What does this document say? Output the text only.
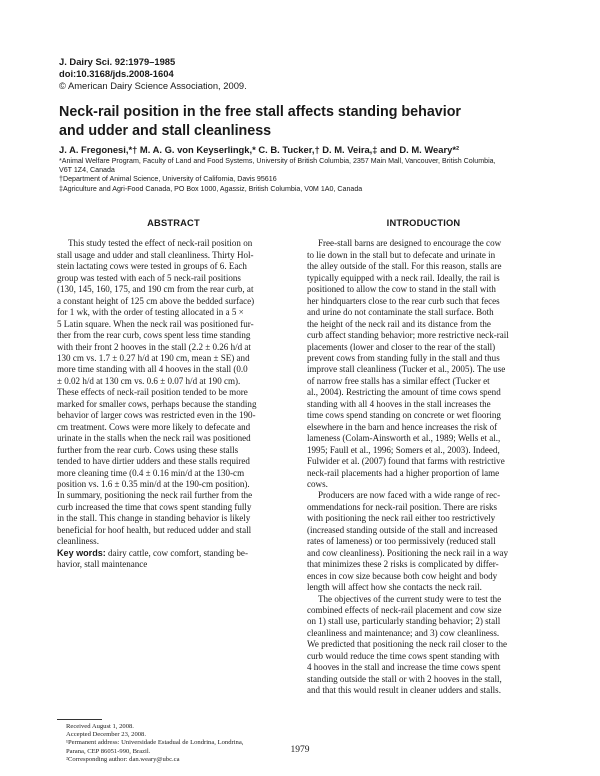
J. Dairy Sci. 92:1979–1985
doi:10.3168/jds.2008-1604
© American Dairy Science Association, 2009.
Neck-rail position in the free stall affects standing behavior
and udder and stall cleanliness
J. A. Fregonesi,*† M. A. G. von Keyserlingk,* C. B. Tucker,† D. M. Veira,‡ and D. M. Weary*²
*Animal Welfare Program, Faculty of Land and Food Systems, University of British Columbia, 2357 Main Mall, Vancouver, British Columbia,
V6T 1Z4, Canada
†Department of Animal Science, University of California, Davis 95616
‡Agriculture and Agri-Food Canada, PO Box 1000, Agassiz, British Columbia, V0M 1A0, Canada
ABSTRACT
This study tested the effect of neck-rail position on
stall usage and udder and stall cleanliness. Thirty Hol-
stein lactating cows were tested in groups of 6. Each
group was tested with each of 5 neck-rail positions
(130, 145, 160, 175, and 190 cm from the rear curb, at
a constant height of 125 cm above the bedded surface)
for 1 wk, with the order of testing allocated in a 5 ×
5 Latin square. When the neck rail was positioned fur-
ther from the rear curb, cows spent less time standing
with their front 2 hooves in the stall (2.2 ± 0.26 h/d at
130 cm vs. 1.7 ± 0.27 h/d at 190 cm, mean ± SE) and
more time standing with all 4 hooves in the stall (0.0
± 0.02 h/d at 130 cm vs. 0.6 ± 0.07 h/d at 190 cm).
These effects of neck-rail position tended to be more
marked for smaller cows, perhaps because the standing
behavior of larger cows was restricted even in the 190-
cm treatment. Cows were more likely to defecate and
urinate in the stalls when the neck rail was positioned
further from the rear curb. Cows using these stalls
tended to have dirtier udders and these stalls required
more cleaning time (0.4 ± 0.16 min/d at the 130-cm
position vs. 1.6 ± 0.35 min/d at the 190-cm position).
In summary, positioning the neck rail further from the
curb increased the time that cows spent standing fully
in the stall. This change in standing behavior is likely
beneficial for hoof health, but reduced udder and stall
cleanliness.
Key words: dairy cattle, cow comfort, standing be-
havior, stall maintenance
INTRODUCTION
Free-stall barns are designed to encourage the cow
to lie down in the stall but to defecate and urinate in
the alley outside of the stall. For this reason, stalls are
typically equipped with a neck rail. Ideally, the rail is
positioned to allow the cow to stand in the stall with
her hindquarters close to the rear curb such that feces
and urine do not contaminate the stall surface. Both
the height of the neck rail and its distance from the
curb affect standing behavior; more restrictive neck-rail
placements (lower and closer to the rear of the stall)
prevent cows from standing fully in the stall and thus
improve stall cleanliness (Tucker et al., 2005). The use
of narrow free stalls has a similar effect (Tucker et
al., 2004). Restricting the amount of time cows spend
standing with all 4 hooves in the stall increases the
time cows spend standing on concrete or wet flooring
elsewhere in the barn and hence increases the risk of
lameness (Colam-Ainsworth et al., 1989; Wells et al.,
1995; Faull et al., 1996; Somers et al., 2003). Indeed,
Fulwider et al. (2007) found that farms with restrictive
neck-rail placements had a higher proportion of lame
cows.
Producers are now faced with a wide range of rec-
ommendations for neck-rail position. There are risks
with positioning the neck rail either too restrictively
(increased standing outside of the stall and increased
rates of lameness) or too permissively (reduced stall
and cow cleanliness). Positioning the neck rail in a way
that minimizes these 2 risks is complicated by differ-
ences in cow size because both cow height and body
length will affect how she contacts the neck rail.
The objectives of the current study were to test the
combined effects of neck-rail placement and cow size
on 1) stall use, particularly standing behavior; 2) stall
cleanliness and maintenance; and 3) cow cleanliness.
We predicted that positioning the neck rail closer to the
curb would reduce the time cows spent standing with
4 hooves in the stall and increase the time cows spent
standing outside the stall or with 2 hooves in the stall,
and that this would result in cleaner udders and stalls.
Received August 1, 2008.
Accepted December 23, 2008.
¹Permanent address: Universidade Estadual de Londrina, Londrina,
Parana, CEP 86051-990, Brazil.
²Corresponding author: dan.weary@ubc.ca
1979
